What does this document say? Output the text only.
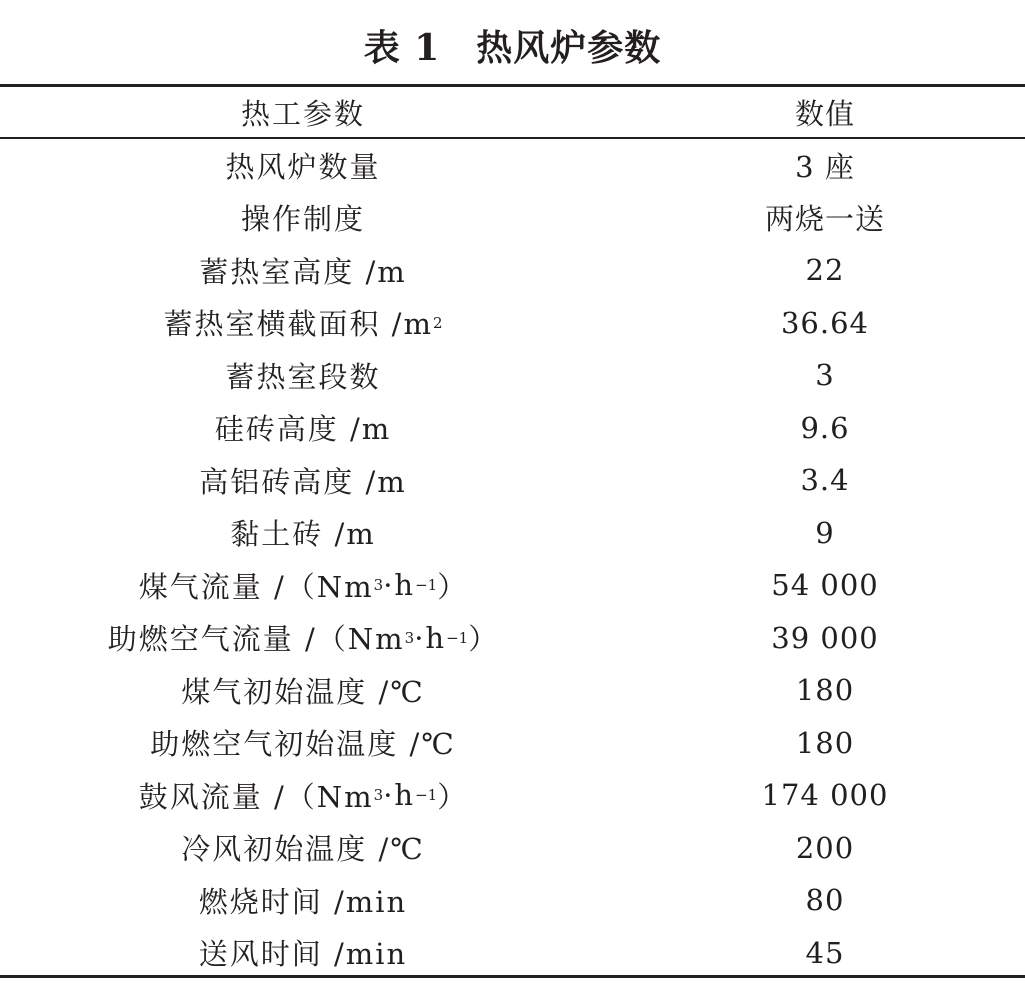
表 1 热风炉参数
热工参数	数值
热风炉数量	3 座
操作制度	两烧一送
蓄热室高度 /m	22
蓄热室横截面积 /m 2	36.64
蓄热室段数	3
硅砖高度 /m	9.6
高铝砖高度 /m	3.4
黏土砖 /m	9
煤气流量 /（Nm 3 ·h −1 ）	54 000
助燃空气流量 /（Nm 3 ·h −1 ）	39 000
煤气初始温度 /℃	180
助燃空气初始温度 /℃	180
鼓风流量 /（Nm 3 ·h −1 ）	174 000
冷风初始温度 /℃	200
燃烧时间 /min	80
送风时间 /min	45
